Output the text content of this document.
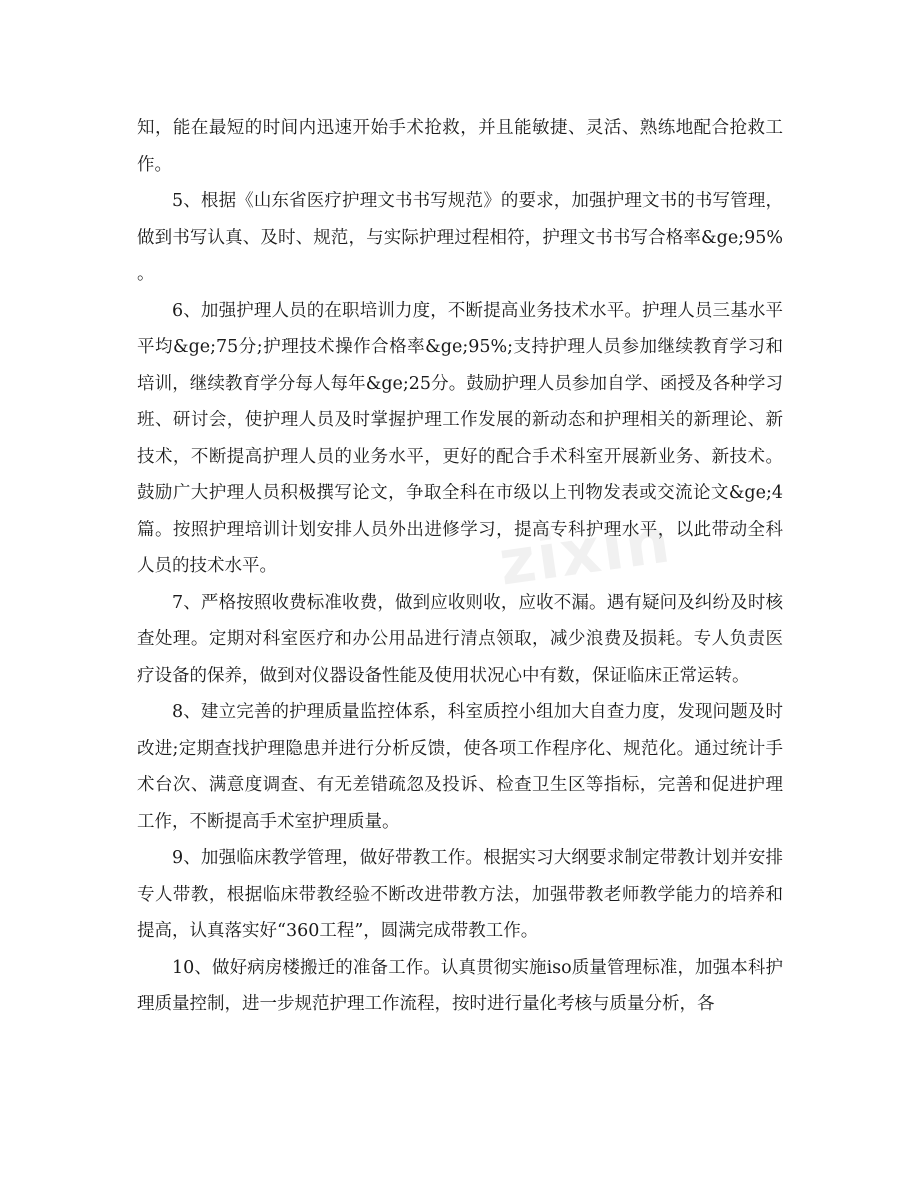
知，能在最短的时间内迅速开始手术抢救，并且能敏捷、灵活、熟练地配合抢救工作。

5、根据《山东省医疗护理文书书写规范》的要求，加强护理文书的书写管理，做到书写认真、及时、规范，与实际护理过程相符，护理文书书写合格率&ge;95%。

6、加强护理人员的在职培训力度，不断提高业务技术水平。护理人员三基水平平均&ge;75分;护理技术操作合格率&ge;95%;支持护理人员参加继续教育学习和培训，继续教育学分每人每年&ge;25分。鼓励护理人员参加自学、函授及各种学习班、研讨会，使护理人员及时掌握护理工作发展的新动态和护理相关的新理论、新技术，不断提高护理人员的业务水平，更好的配合手术科室开展新业务、新技术。鼓励广大护理人员积极撰写论文，争取全科在市级以上刊物发表或交流论文&ge;4篇。按照护理培训计划安排人员外出进修学习，提高专科护理水平，以此带动全科人员的技术水平。

7、严格按照收费标准收费，做到应收则收，应收不漏。遇有疑问及纠纷及时核查处理。定期对科室医疗和办公用品进行清点领取，减少浪费及损耗。专人负责医疗设备的保养，做到对仪器设备性能及使用状况心中有数，保证临床正常运转。

8、建立完善的护理质量监控体系，科室质控小组加大自查力度，发现问题及时改进;定期查找护理隐患并进行分析反馈，使各项工作程序化、规范化。通过统计手术台次、满意度调查、有无差错疏忽及投诉、检查卫生区等指标，完善和促进护理工作，不断提高手术室护理质量。

9、加强临床教学管理，做好带教工作。根据实习大纲要求制定带教计划并安排专人带教，根据临床带教经验不断改进带教方法，加强带教老师教学能力的培养和提高，认真落实好“360工程”，圆满完成带教工作。

10、做好病房楼搬迁的准备工作。认真贯彻实施iso质量管理标准，加强本科护理质量控制，进一步规范护理工作流程，按时进行量化考核与质量分析，各

zixin
